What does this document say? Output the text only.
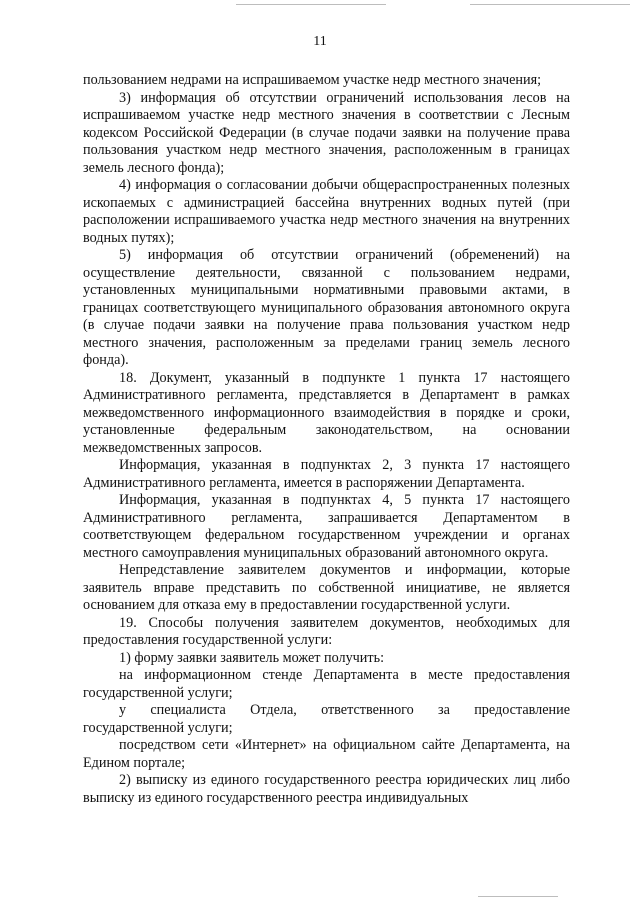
11

пользованием недрами на испрашиваемом участке недр местного значения;

3) информация об отсутствии ограничений использования лесов на испрашиваемом участке недр местного значения в соответствии с Лесным кодексом Российской Федерации (в случае подачи заявки на получение права пользования участком недр местного значения, расположенным в границах земель лесного фонда);

4) информация о согласовании добычи общераспространенных полезных ископаемых с администрацией бассейна внутренних водных путей (при расположении испрашиваемого участка недр местного значения на внутренних водных путях);

5) информация об отсутствии ограничений (обременений) на осуществление деятельности, связанной с пользованием недрами, установленных муниципальными нормативными правовыми актами, в границах соответствующего муниципального образования автономного округа (в случае подачи заявки на получение права пользования участком недр местного значения, расположенным за пределами границ земель лесного фонда).

18. Документ, указанный в подпункте 1 пункта 17 настоящего Административного регламента, представляется в Департамент в рамках межведомственного информационного взаимодействия в порядке и сроки, установленные федеральным законодательством, на основании межведомственных запросов.

Информация, указанная в подпунктах 2, 3 пункта 17 настоящего Административного регламента, имеется в распоряжении Департамента.

Информация, указанная в подпунктах 4, 5 пункта 17 настоящего Административного регламента, запрашивается Департаментом в соответствующем федеральном государственном учреждении и органах местного самоуправления муниципальных образований автономного округа.

Непредставление заявителем документов и информации, которые заявитель вправе представить по собственной инициативе, не является основанием для отказа ему в предоставлении государственной услуги.

19. Способы получения заявителем документов, необходимых для предоставления государственной услуги:

1) форму заявки заявитель может получить:

на информационном стенде Департамента в месте предоставления государственной услуги;

у специалиста Отдела, ответственного за предоставление государственной услуги;

посредством сети «Интернет» на официальном сайте Департамента, на Едином портале;

2) выписку из единого государственного реестра юридических лиц либо выписку из единого государственного реестра индивидуальных
